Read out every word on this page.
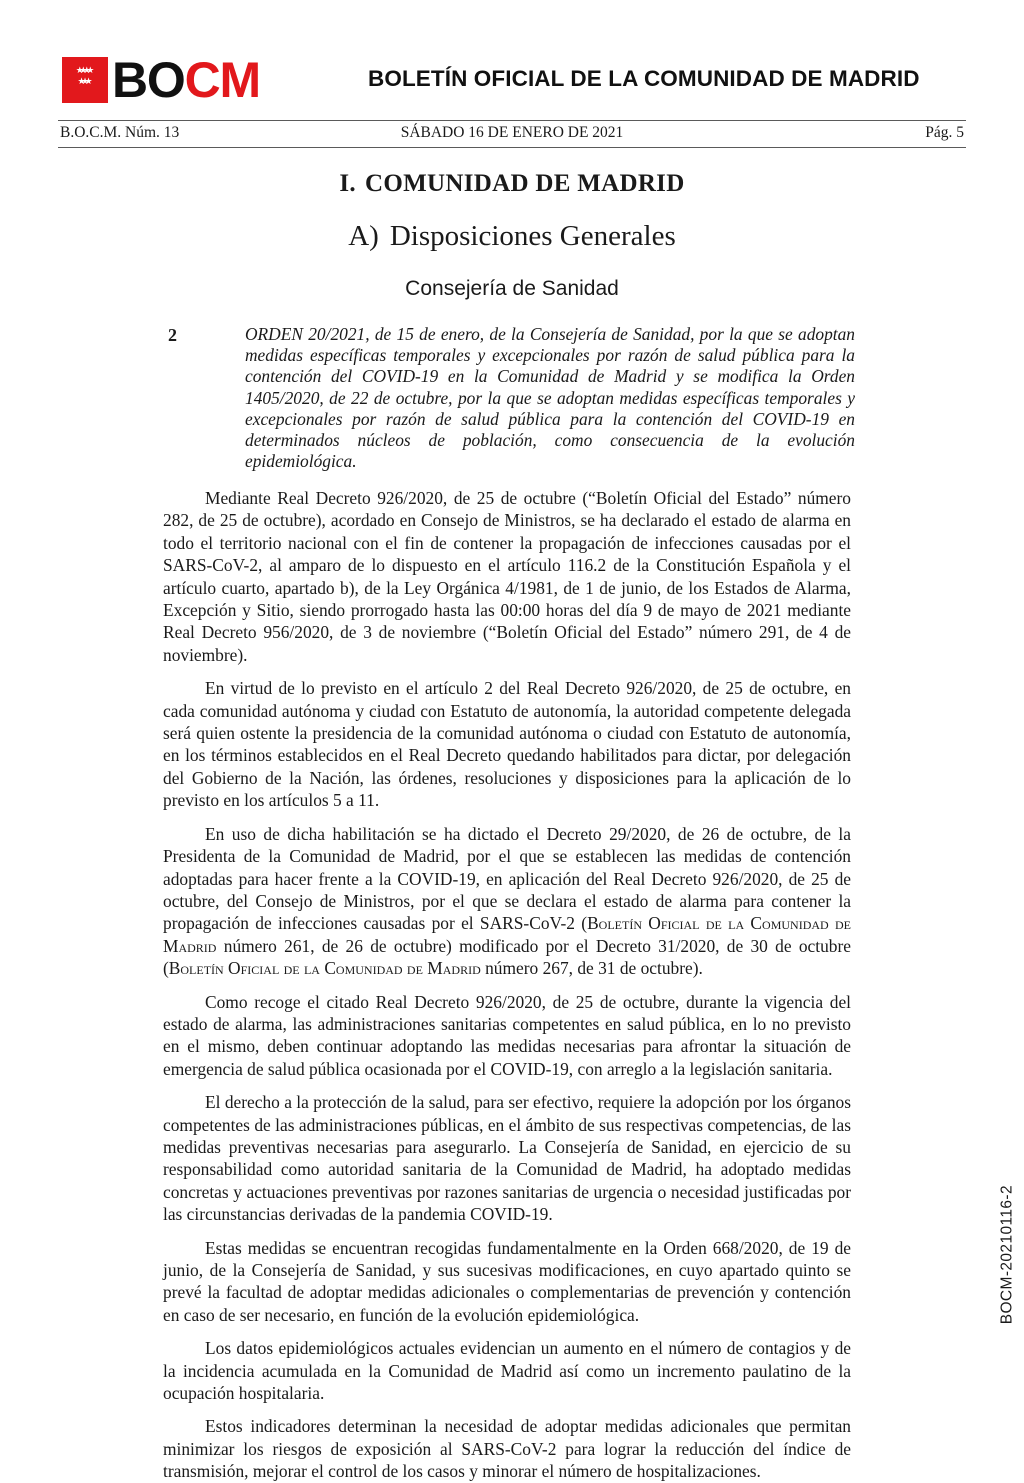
BOCM	BOLETÍN OFICIAL DE LA COMUNIDAD DE MADRID
B.O.C.M. Núm. 13	SÁBADO 16 DE ENERO DE 2021	Pág. 5
I. COMUNIDAD DE MADRID
A) Disposiciones Generales
Consejería de Sanidad
2	ORDEN 20/2021, de 15 de enero, de la Consejería de Sanidad, por la que se adoptan medidas específicas temporales y excepcionales por razón de salud pública para la contención del COVID-19 en la Comunidad de Madrid y se modifica la Orden 1405/2020, de 22 de octubre, por la que se adoptan medidas específicas temporales y excepcionales por razón de salud pública para la contención del COVID-19 en determinados núcleos de población, como consecuencia de la evolución epidemiológica.

Mediante Real Decreto 926/2020, de 25 de octubre (“Boletín Oficial del Estado” número 282, de 25 de octubre), acordado en Consejo de Ministros, se ha declarado el estado de alarma en todo el territorio nacional con el fin de contener la propagación de infecciones causadas por el SARS-CoV-2, al amparo de lo dispuesto en el artículo 116.2 de la Constitución Española y el artículo cuarto, apartado b), de la Ley Orgánica 4/1981, de 1 de junio, de los Estados de Alarma, Excepción y Sitio, siendo prorrogado hasta las 00:00 horas del día 9 de mayo de 2021 mediante Real Decreto 956/2020, de 3 de noviembre (“Boletín Oficial del Estado” número 291, de 4 de noviembre).

En virtud de lo previsto en el artículo 2 del Real Decreto 926/2020, de 25 de octubre, en cada comunidad autónoma y ciudad con Estatuto de autonomía, la autoridad competente delegada será quien ostente la presidencia de la comunidad autónoma o ciudad con Estatuto de autonomía, en los términos establecidos en el Real Decreto quedando habilitados para dictar, por delegación del Gobierno de la Nación, las órdenes, resoluciones y disposiciones para la aplicación de lo previsto en los artículos 5 a 11.

En uso de dicha habilitación se ha dictado el Decreto 29/2020, de 26 de octubre, de la Presidenta de la Comunidad de Madrid, por el que se establecen las medidas de contención adoptadas para hacer frente a la COVID-19, en aplicación del Real Decreto 926/2020, de 25 de octubre, del Consejo de Ministros, por el que se declara el estado de alarma para contener la propagación de infecciones causadas por el SARS-CoV-2 (Boletín Oficial de la Comunidad de Madrid número 261, de 26 de octubre) modificado por el Decreto 31/2020, de 30 de octubre (Boletín Oficial de la Comunidad de Madrid número 267, de 31 de octubre).

Como recoge el citado Real Decreto 926/2020, de 25 de octubre, durante la vigencia del estado de alarma, las administraciones sanitarias competentes en salud pública, en lo no previsto en el mismo, deben continuar adoptando las medidas necesarias para afrontar la situación de emergencia de salud pública ocasionada por el COVID-19, con arreglo a la legislación sanitaria.

El derecho a la protección de la salud, para ser efectivo, requiere la adopción por los órganos competentes de las administraciones públicas, en el ámbito de sus respectivas competencias, de las medidas preventivas necesarias para asegurarlo. La Consejería de Sanidad, en ejercicio de su responsabilidad como autoridad sanitaria de la Comunidad de Madrid, ha adoptado medidas concretas y actuaciones preventivas por razones sanitarias de urgencia o necesidad justificadas por las circunstancias derivadas de la pandemia COVID-19.

Estas medidas se encuentran recogidas fundamentalmente en la Orden 668/2020, de 19 de junio, de la Consejería de Sanidad, y sus sucesivas modificaciones, en cuyo apartado quinto se prevé la facultad de adoptar medidas adicionales o complementarias de prevención y contención en caso de ser necesario, en función de la evolución epidemiológica.

Los datos epidemiológicos actuales evidencian un aumento en el número de contagios y de la incidencia acumulada en la Comunidad de Madrid así como un incremento paulatino de la ocupación hospitalaria.

Estos indicadores determinan la necesidad de adoptar medidas adicionales que permitan minimizar los riesgos de exposición al SARS-CoV-2 para lograr la reducción del índice de transmisión, mejorar el control de los casos y minorar el número de hospitalizaciones.

BOCM-20210116-2
